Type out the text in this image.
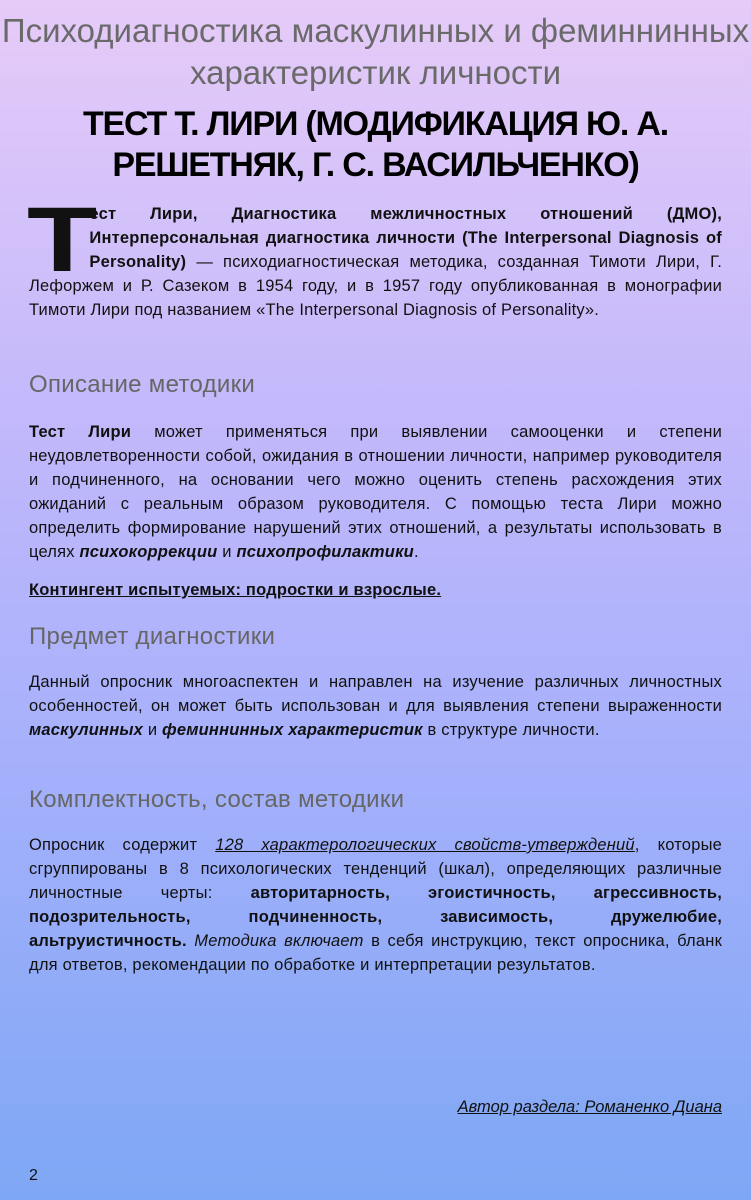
Психодиагностика маскулинных и феминнинных характеристик личности
ТЕСТ Т. ЛИРИ (МОДИФИКАЦИЯ Ю. А. РЕШЕТНЯК, Г. С. ВАСИЛЬЧЕНКО)

Т
ест Лири, Диагностика межличностных отношений (ДМО), Интерперсональная диагностика личности (The Interpersonal Diagnosis of Personality) — психодиагностическая методика, созданная Тимоти Лири, Г. Лефоржем и Р. Сазеком в 1954 году, и в 1957 году опубликованная в монографии Тимоти Лири под названием «The Interpersonal Diagnosis of Personality».

Описание методики

Тест Лири может применяться при выявлении самооценки и степени неудовлетворенности собой, ожидания в отношении личности, например руководителя и подчиненного, на основании чего можно оценить степень расхождения этих ожиданий с реальным образом руководителя. С помощью теста Лири можно определить формирование нарушений этих отношений, а результаты использовать в целях психокоррекции и психопрофилактики.

Контингент испытуемых: подростки и взрослые.

Предмет диагностики

Данный опросник многоаспектен и направлен на изучение различных личностных особенностей, он может быть использован и для выявления степени выраженности маскулинных и феминнинных характеристик в структуре личности.

Комплектность, состав методики

Опросник содержит 128 характерологических свойств-утверждений, которые сгруппированы в 8 психологических тенденций (шкал), определяющих различные личностные черты: авторитарность, эгоистичность, агрессивность, подозрительность, подчиненность, зависимость, дружелюбие, альтруистичность. Методика включает в себя инструкцию, текст опросника, бланк для ответов, рекомендации по обработке и интерпретации результатов.

Автор раздела: Романенко Диана
2
